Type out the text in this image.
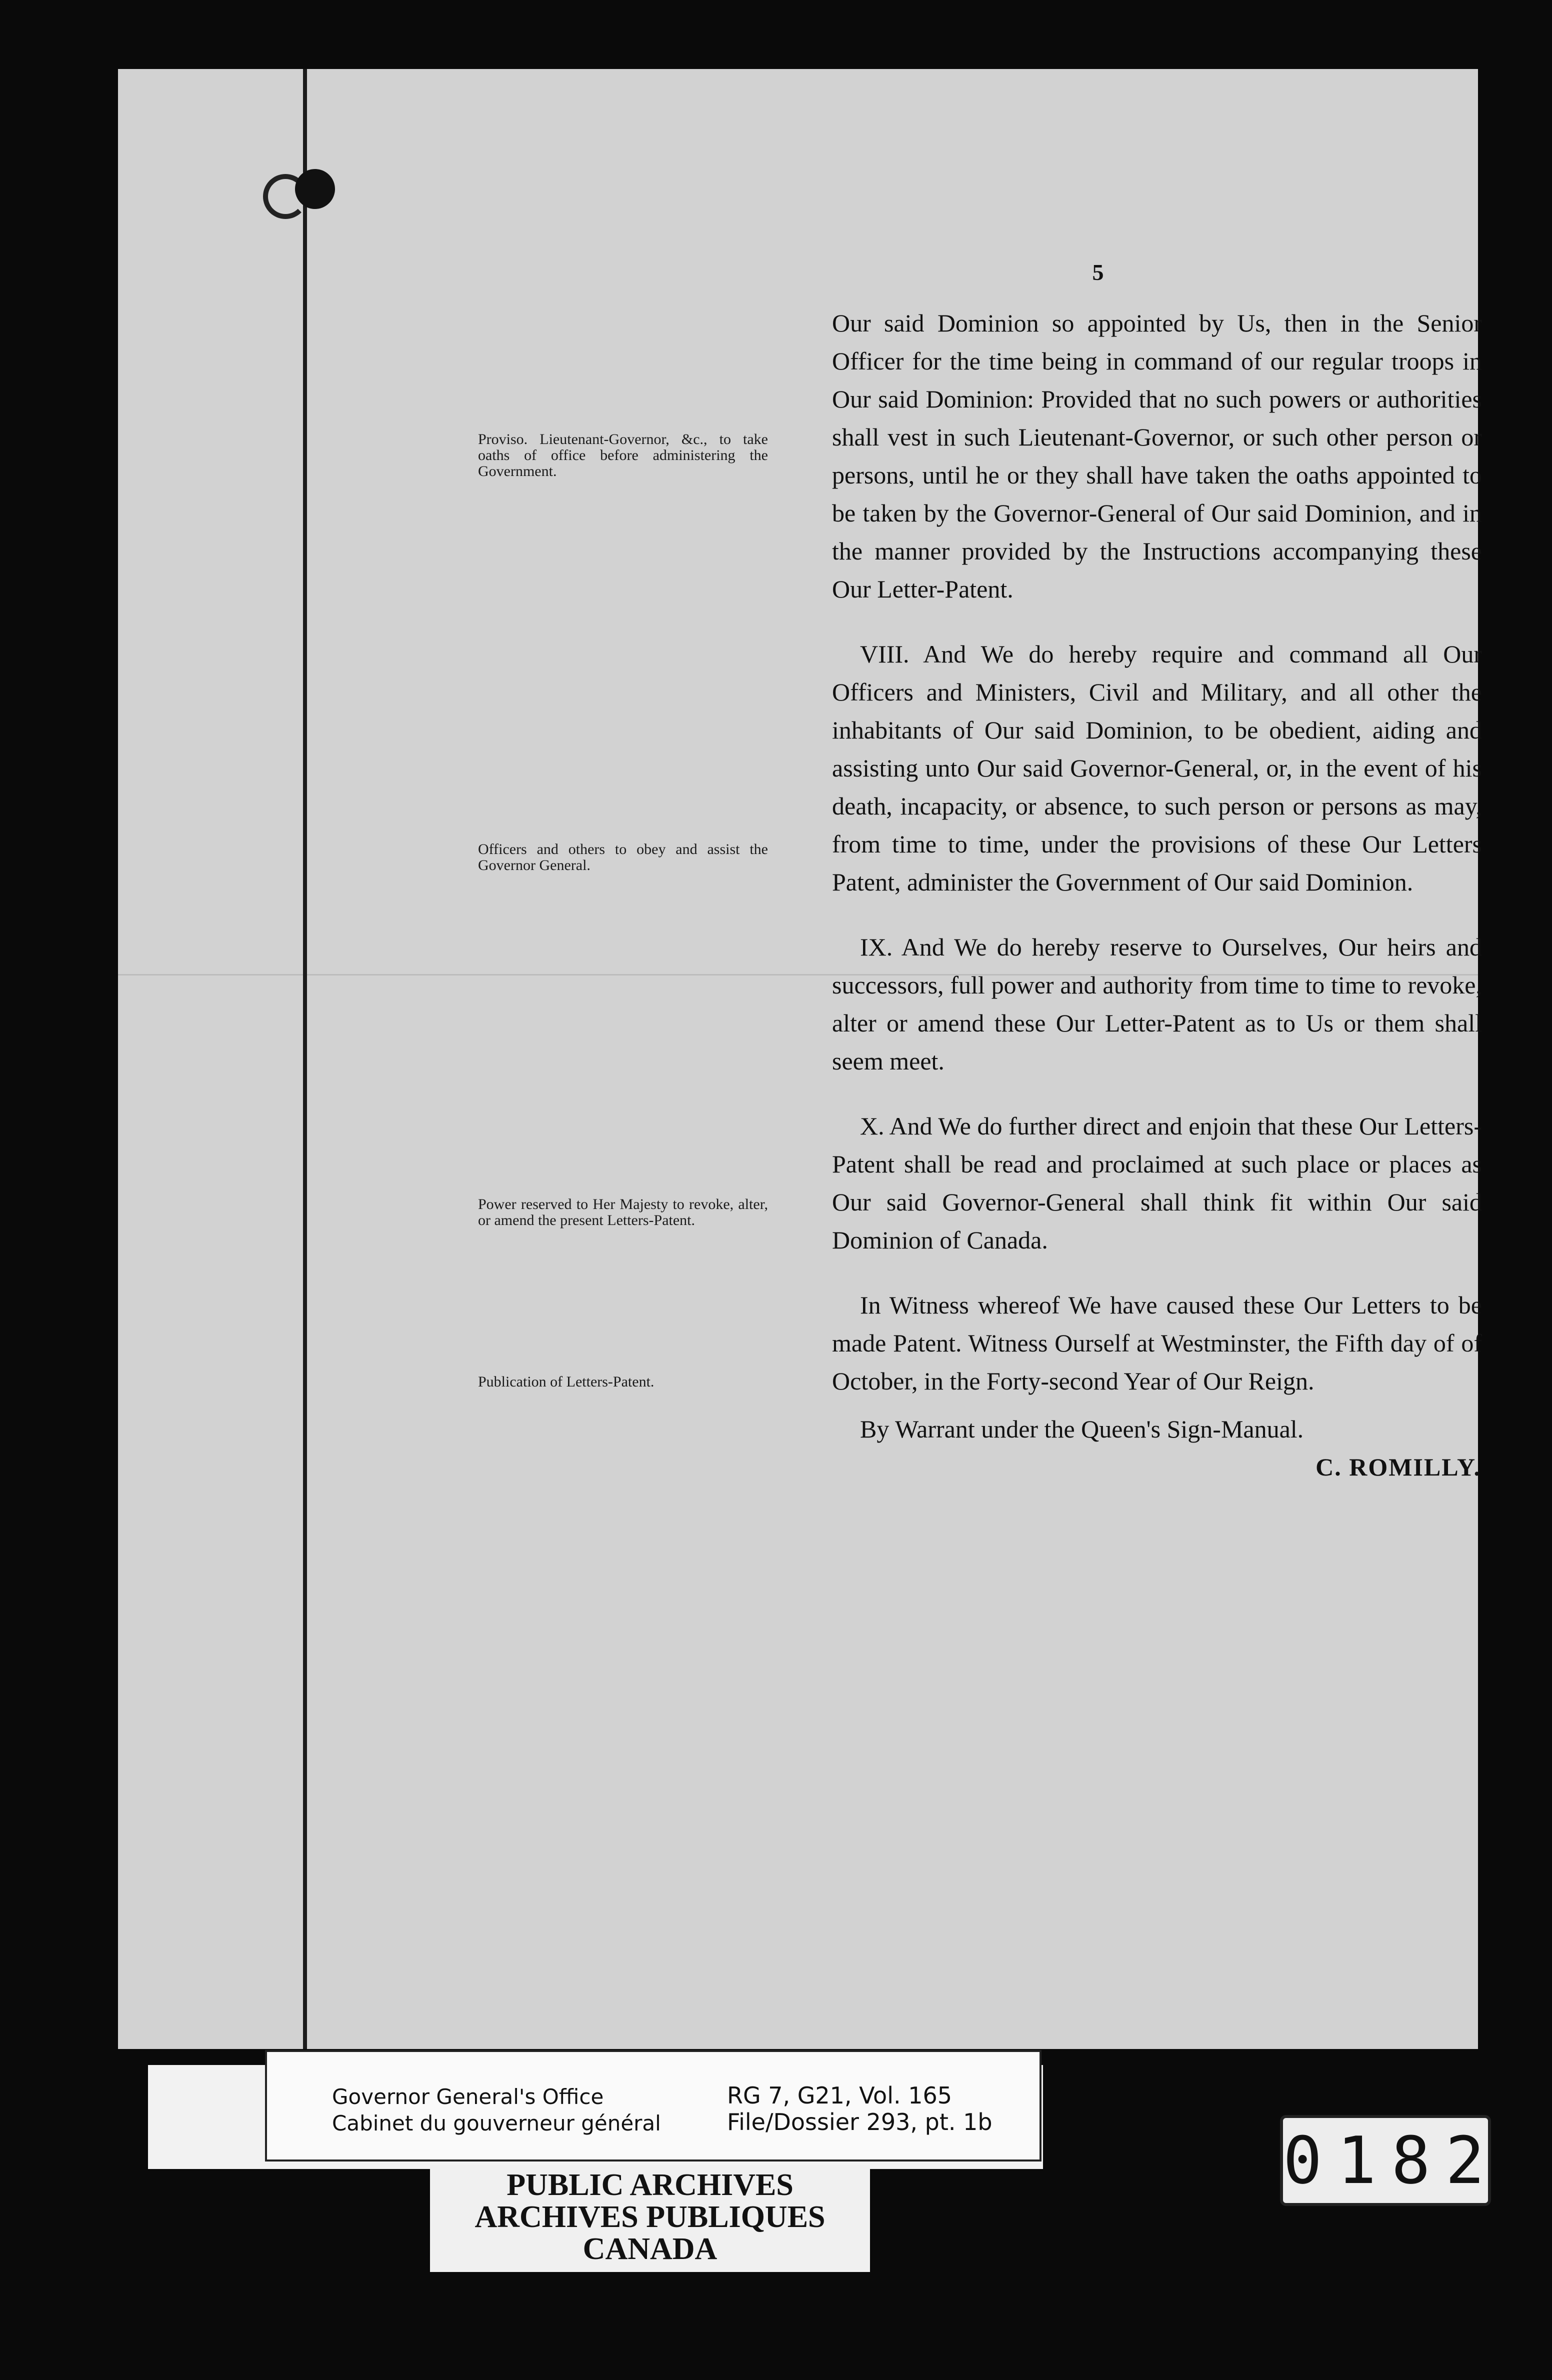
5
Proviso. Lieutenant-Governor, &c., to take oaths of office before administering the Government.
Officers and others to obey and assist the Governor General.
Power reserved to Her Majesty to revoke, alter, or amend the present Letters-Patent.
Publication of Letters-Patent.

Our said Dominion so appointed by Us, then in the Senior Officer for the time being in command of our regular troops in Our said Dominion: Provided that no such powers or authorities shall vest in such Lieutenant-Governor, or such other person or persons, until he or they shall have taken the oaths appointed to be taken by the Governor-General of Our said Dominion, and in the manner provided by the Instructions accompanying these Our Letter-Patent.

VIII. And We do hereby require and command all Our Officers and Ministers, Civil and Military, and all other the inhabitants of Our said Dominion, to be obedient, aiding and assisting unto Our said Governor-General, or, in the event of his death, incapacity, or absence, to such person or persons as may, from time to time, under the provisions of these Our Letters Patent, administer the Government of Our said Dominion.

IX. And We do hereby reserve to Ourselves, Our heirs and successors, full power and authority from time to time to revoke, alter or amend these Our Letter-Patent as to Us or them shall seem meet.

X. And We do further direct and enjoin that these Our Letters-Patent shall be read and proclaimed at such place or places as Our said Governor-General shall think fit within Our said Dominion of Canada.

In Witness whereof We have caused these Our Letters to be made Patent. Witness Ourself at Westminster, the Fifth day of of October, in the Forty-second Year of Our Reign.

By Warrant under the Queen's Sign-Manual.

C. ROMILLY.

Governor General's Office
Cabinet du gouverneur général
RG 7, G21, Vol. 165
File/Dossier 293, pt. 1b
PUBLIC ARCHIVES
ARCHIVES PUBLIQUES
CANADA
0182
